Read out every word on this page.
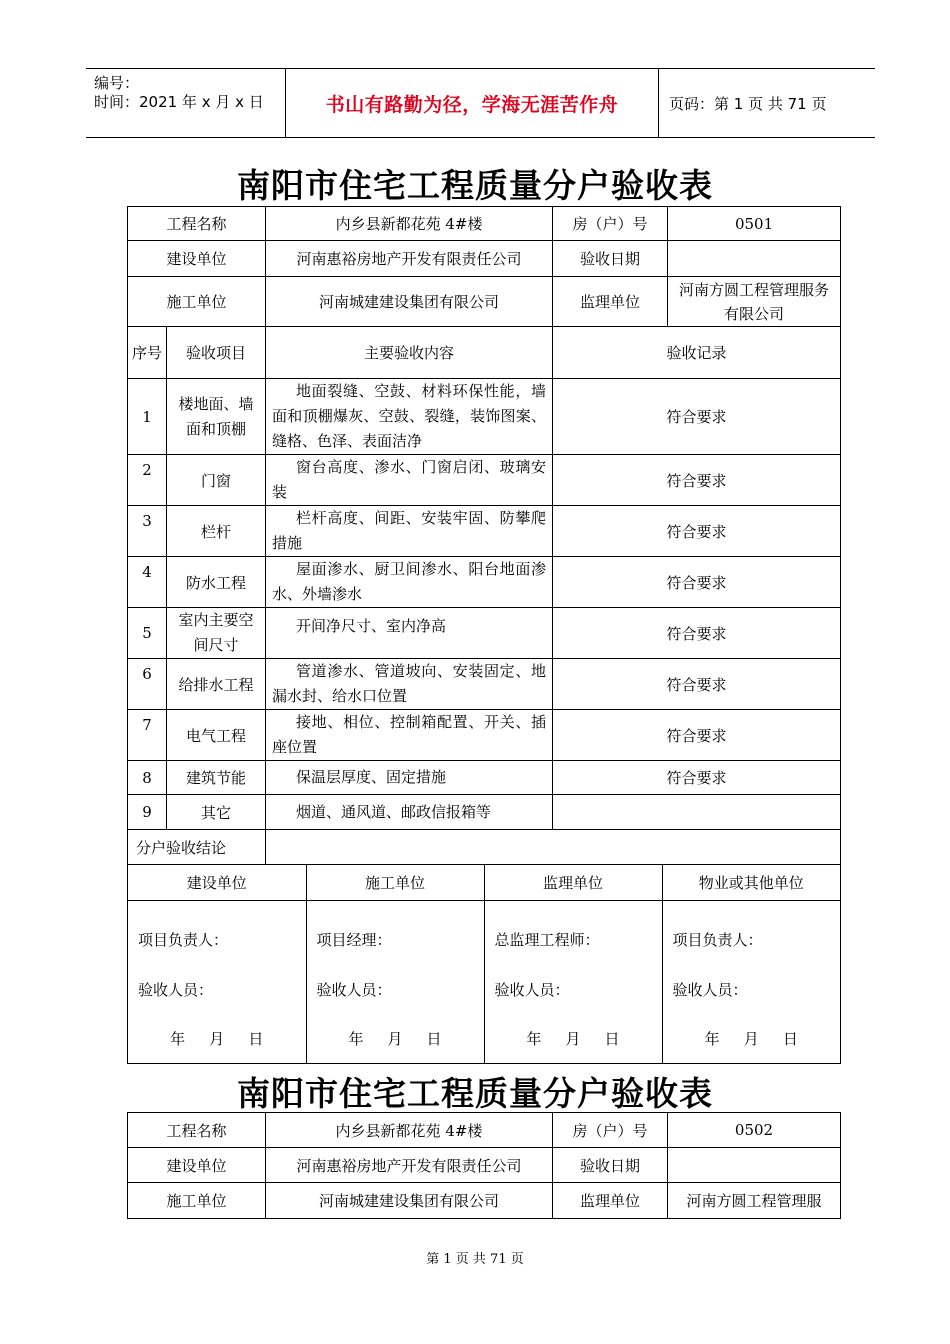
编号：
时间：2021 年 x 月 x 日	书山有路勤为径，学海无涯苦作舟	页码：第 1 页 共 71 页
南阳市住宅工程质量分户验收表
工程名称	内乡县新都花苑 4#楼	房（户）号	0501
建设单位	河南惠裕房地产开发有限责任公司	验收日期	
施工单位	河南城建建设集团有限公司	监理单位	河南方圆工程管理服务有限公司
序号	验收项目	主要验收内容	验收记录
1	楼地面、墙面和顶棚	地面裂缝、空鼓、材料环保性能，墙面和顶棚爆灰、空鼓、裂缝，装饰图案、缝格、色泽、表面洁净	符合要求
2	门窗	窗台高度、渗水、门窗启闭、玻璃安装	符合要求
3	栏杆	栏杆高度、间距、安装牢固、防攀爬措施	符合要求
4	防水工程	屋面渗水、厨卫间渗水、阳台地面渗水、外墙渗水	符合要求
5	室内主要空间尺寸	开间净尺寸、室内净高	符合要求
6	给排水工程	管道渗水、管道坡向、安装固定、地漏水封、给水口位置	符合要求
7	电气工程	接地、相位、控制箱配置、开关、插座位置	符合要求
8	建筑节能	保温层厚度、固定措施	符合要求
9	其它	烟道、通风道、邮政信报箱等	
分户验收结论	

建设单位	施工单位	监理单位	物业或其他单位

项目负责人：
验收人员：
年 月 日

项目经理：
验收人员：
年 月 日

总监理工程师：
验收人员：
年 月 日

项目负责人：
验收人员：
年 月 日
南阳市住宅工程质量分户验收表
工程名称	内乡县新都花苑 4#楼	房（户）号	0502
建设单位	河南惠裕房地产开发有限责任公司	验收日期	
施工单位	河南城建建设集团有限公司	监理单位	河南方圆工程管理服
第 1 页 共 71 页
